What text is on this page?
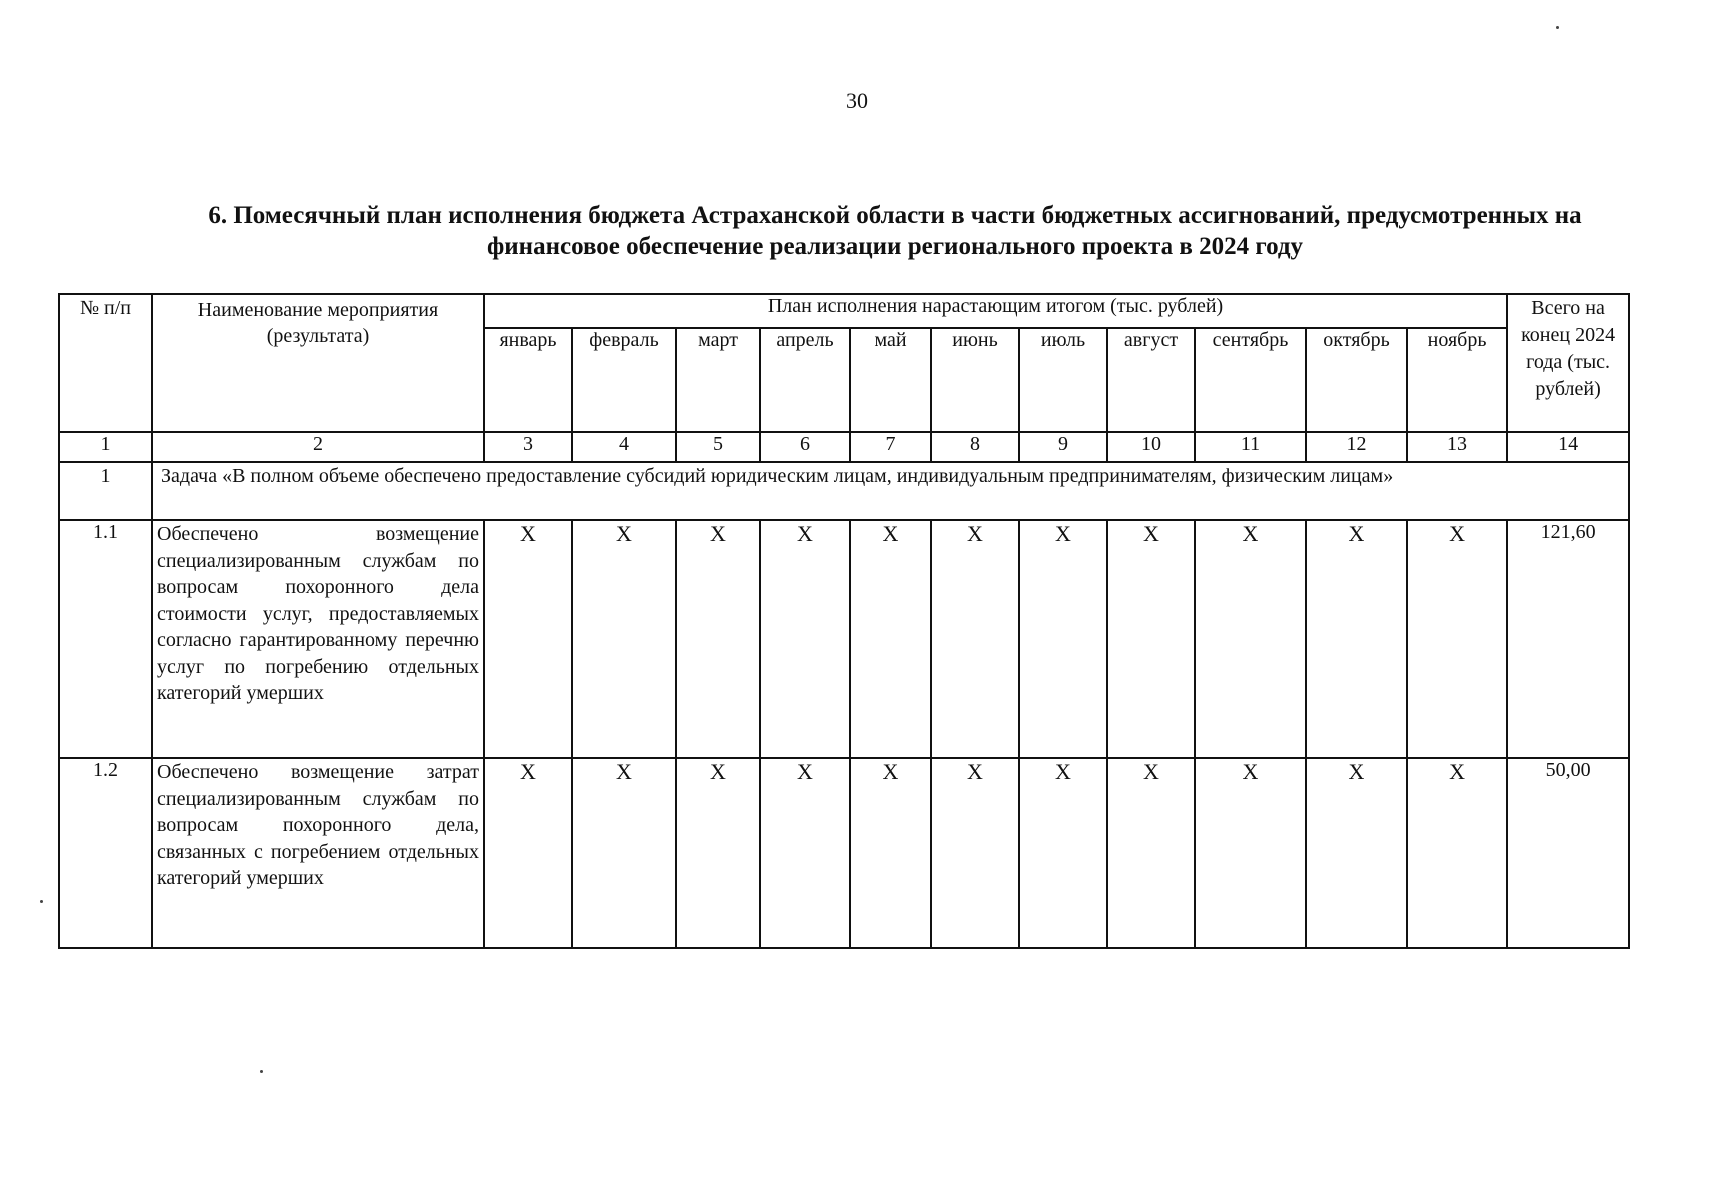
30
6. Помесячный план исполнения бюджета Астраханской области в части бюджетных ассигнований, предусмотренных на
финансовое обеспечение реализации регионального проекта в 2024 году
№ п/п	Наименование мероприятия (результата)	План исполнения нарастающим итогом (тыс. рублей)											Всего на конец 2024 года (тыс. рублей)
		январь	февраль	март	апрель	май	июнь	июль	август	сентябрь	октябрь	ноябрь	
1	2	3	4	5	6	7	8	9	10	11	12	13	14
1	Задача «В полном объеме обеспечено предоставление субсидий юридическим лицам, индивидуальным предпринимателям, физическим лицам»												
1.1	Обеспечено возмещение специализированным службам по вопросам похоронного дела стоимости услуг, предоставляемых согласно гарантированному перечню услуг по погребению отдельных категорий умерших	X	X	X	X	X	X	X	X	X	X	X	121,60
1.2	Обеспечено возмещение затрат специализированным службам по вопросам похоронного дела, связанных с погребением отдельных категорий умерших	X	X	X	X	X	X	X	X	X	X	X	50,00
